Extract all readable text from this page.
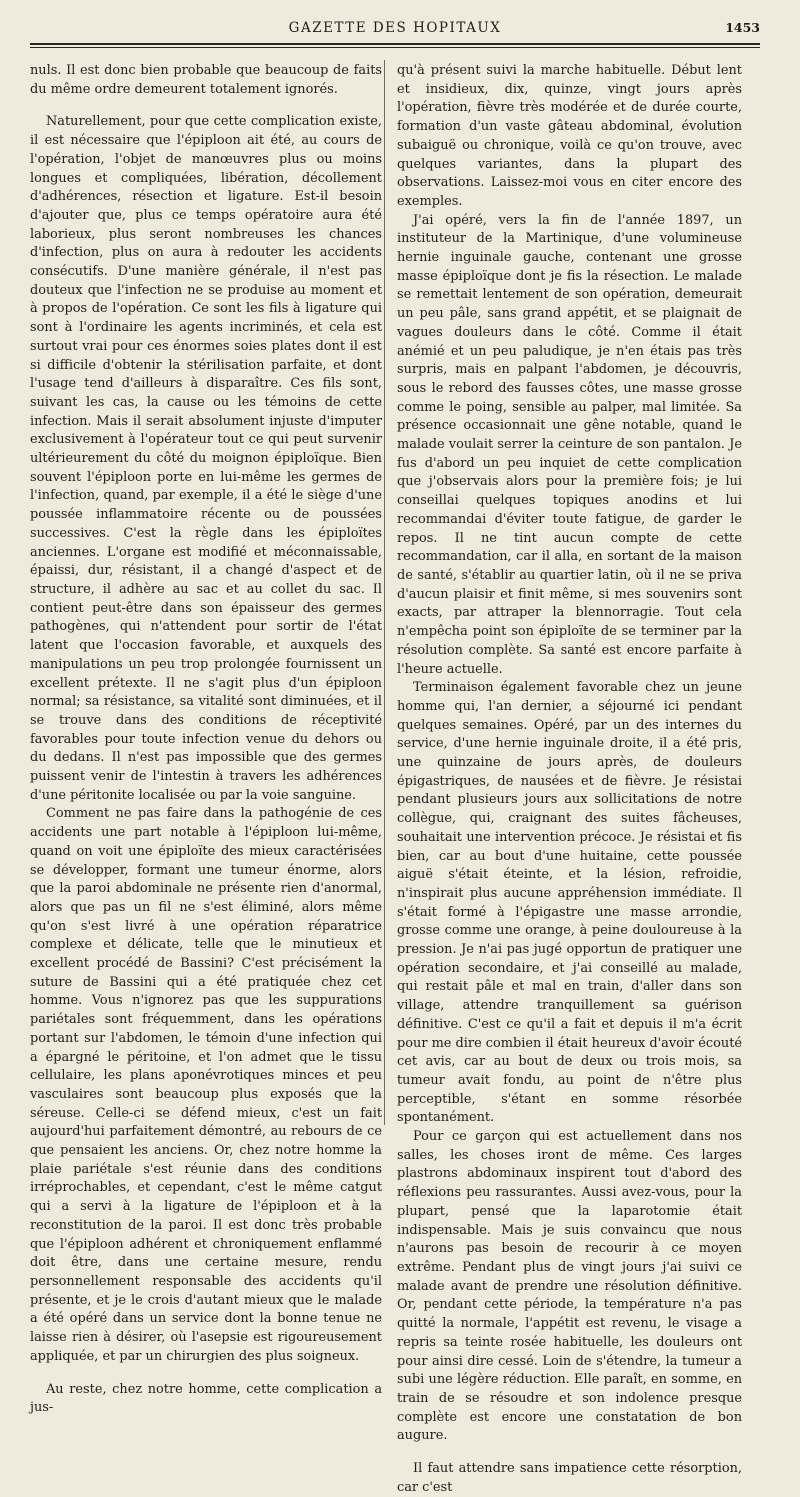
GAZETTE DES HOPITAUX	1453

nuls. Il est donc bien probable que beaucoup de faits du même ordre demeurent totalement ignorés.

Naturellement, pour que cette complication existe, il est nécessaire que l'épiploon ait été, au cours de l'opération, l'objet de manœuvres plus ou moins longues et compliquées, libération, décollement d'adhérences, résection et ligature. Est-il besoin d'ajouter que, plus ce temps opératoire aura été laborieux, plus seront nombreuses les chances d'infection, plus on aura à redouter les accidents consécutifs. D'une manière générale, il n'est pas douteux que l'infection ne se produise au moment et à propos de l'opération. Ce sont les fils à ligature qui sont à l'ordinaire les agents incriminés, et cela est surtout vrai pour ces énormes soies plates dont il est si difficile d'obtenir la stérilisation parfaite, et dont l'usage tend d'ailleurs à disparaître. Ces fils sont, suivant les cas, la cause ou les témoins de cette infection. Mais il serait absolument injuste d'imputer exclusivement à l'opérateur tout ce qui peut survenir ultérieurement du côté du moignon épiploïque. Bien souvent l'épiploon porte en lui-même les germes de l'infection, quand, par exemple, il a été le siège d'une poussée inflammatoire récente ou de poussées successives. C'est la règle dans les épiploïtes anciennes. L'organe est modifié et méconnaissable, épaissi, dur, résistant, il a changé d'aspect et de structure, il adhère au sac et au collet du sac. Il contient peut-être dans son épaisseur des germes pathogènes, qui n'attendent pour sortir de l'état latent que l'occasion favorable, et auxquels des manipulations un peu trop prolongée fournissent un excellent prétexte. Il ne s'agit plus d'un épiploon normal; sa résistance, sa vitalité sont diminuées, et il se trouve dans des conditions de réceptivité favorables pour toute infection venue du dehors ou du dedans. Il n'est pas impossible que des germes puissent venir de l'intestin à travers les adhérences d'une péritonite localisée ou par la voie sanguine.

Comment ne pas faire dans la pathogénie de ces accidents une part notable à l'épiploon lui-même, quand on voit une épiploïte des mieux caractérisées se développer, formant une tumeur énorme, alors que la paroi abdominale ne présente rien d'anormal, alors que pas un fil ne s'est éliminé, alors même qu'on s'est livré à une opération réparatrice complexe et délicate, telle que le minutieux et excellent procédé de Bassini? C'est précisément la suture de Bassini qui a été pratiquée chez cet homme. Vous n'ignorez pas que les suppurations pariétales sont fréquemment, dans les opérations portant sur l'abdomen, le témoin d'une infection qui a épargné le péritoine, et l'on admet que le tissu cellulaire, les plans aponévrotiques minces et peu vasculaires sont beaucoup plus exposés que la séreuse. Celle-ci se défend mieux, c'est un fait aujourd'hui parfaitement démontré, au rebours de ce que pensaient les anciens. Or, chez notre homme la plaie pariétale s'est réunie dans des conditions irréprochables, et cependant, c'est le même catgut qui a servi à la ligature de l'épiploon et à la reconstitution de la paroi. Il est donc très probable que l'épiploon adhérent et chroniquement enflammé doit être, dans une certaine mesure, rendu personnellement responsable des accidents qu'il présente, et je le crois d'autant mieux que le malade a été opéré dans un service dont la bonne tenue ne laisse rien à désirer, où l'asepsie est rigoureusement appliquée, et par un chirurgien des plus soigneux.

Au reste, chez notre homme, cette complication a jus-

qu'à présent suivi la marche habituelle. Début lent et insidieux, dix, quinze, vingt jours après l'opération, fièvre très modérée et de durée courte, formation d'un vaste gâteau abdominal, évolution subaiguë ou chronique, voilà ce qu'on trouve, avec quelques variantes, dans la plupart des observations. Laissez-moi vous en citer encore des exemples.

J'ai opéré, vers la fin de l'année 1897, un instituteur de la Martinique, d'une volumineuse hernie inguinale gauche, contenant une grosse masse épiploïque dont je fis la résection. Le malade se remettait lentement de son opération, demeurait un peu pâle, sans grand appétit, et se plaignait de vagues douleurs dans le côté. Comme il était anémié et un peu paludique, je n'en étais pas très surpris, mais en palpant l'abdomen, je découvris, sous le rebord des fausses côtes, une masse grosse comme le poing, sensible au palper, mal limitée. Sa présence occasionnait une gêne notable, quand le malade voulait serrer la ceinture de son pantalon. Je fus d'abord un peu inquiet de cette complication que j'observais alors pour la première fois; je lui conseillai quelques topiques anodins et lui recommandai d'éviter toute fatigue, de garder le repos. Il ne tint aucun compte de cette recommandation, car il alla, en sortant de la maison de santé, s'établir au quartier latin, où il ne se priva d'aucun plaisir et finit même, si mes souvenirs sont exacts, par attraper la blennorragie. Tout cela n'empêcha point son épiploïte de se terminer par la résolution complète. Sa santé est encore parfaite à l'heure actuelle.

Terminaison également favorable chez un jeune homme qui, l'an dernier, a séjourné ici pendant quelques semaines. Opéré, par un des internes du service, d'une hernie inguinale droite, il a été pris, une quinzaine de jours après, de douleurs épigastriques, de nausées et de fièvre. Je résistai pendant plusieurs jours aux sollicitations de notre collègue, qui, craignant des suites fâcheuses, souhaitait une intervention précoce. Je résistai et fis bien, car au bout d'une huitaine, cette poussée aiguë s'était éteinte, et la lésion, refroidie, n'inspirait plus aucune appréhension immédiate. Il s'était formé à l'épigastre une masse arrondie, grosse comme une orange, à peine douloureuse à la pression. Je n'ai pas jugé opportun de pratiquer une opération secondaire, et j'ai conseillé au malade, qui restait pâle et mal en train, d'aller dans son village, attendre tranquillement sa guérison définitive. C'est ce qu'il a fait et depuis il m'a écrit pour me dire combien il était heureux d'avoir écouté cet avis, car au bout de deux ou trois mois, sa tumeur avait fondu, au point de n'être plus perceptible, s'étant en somme résorbée spontanément.

Pour ce garçon qui est actuellement dans nos salles, les choses iront de même. Ces larges plastrons abdominaux inspirent tout d'abord des réflexions peu rassurantes. Aussi avez-vous, pour la plupart, pensé que la laparotomie était indispensable. Mais je suis convaincu que nous n'aurons pas besoin de recourir à ce moyen extrême. Pendant plus de vingt jours j'ai suivi ce malade avant de prendre une résolution définitive. Or, pendant cette période, la température n'a pas quitté la normale, l'appétit est revenu, le visage a repris sa teinte rosée habituelle, les douleurs ont pour ainsi dire cessé. Loin de s'étendre, la tumeur a subi une légère réduction. Elle paraît, en somme, en train de se résoudre et son indolence presque complète est encore une constatation de bon augure.

Il faut attendre sans impatience cette résorption, car c'est
